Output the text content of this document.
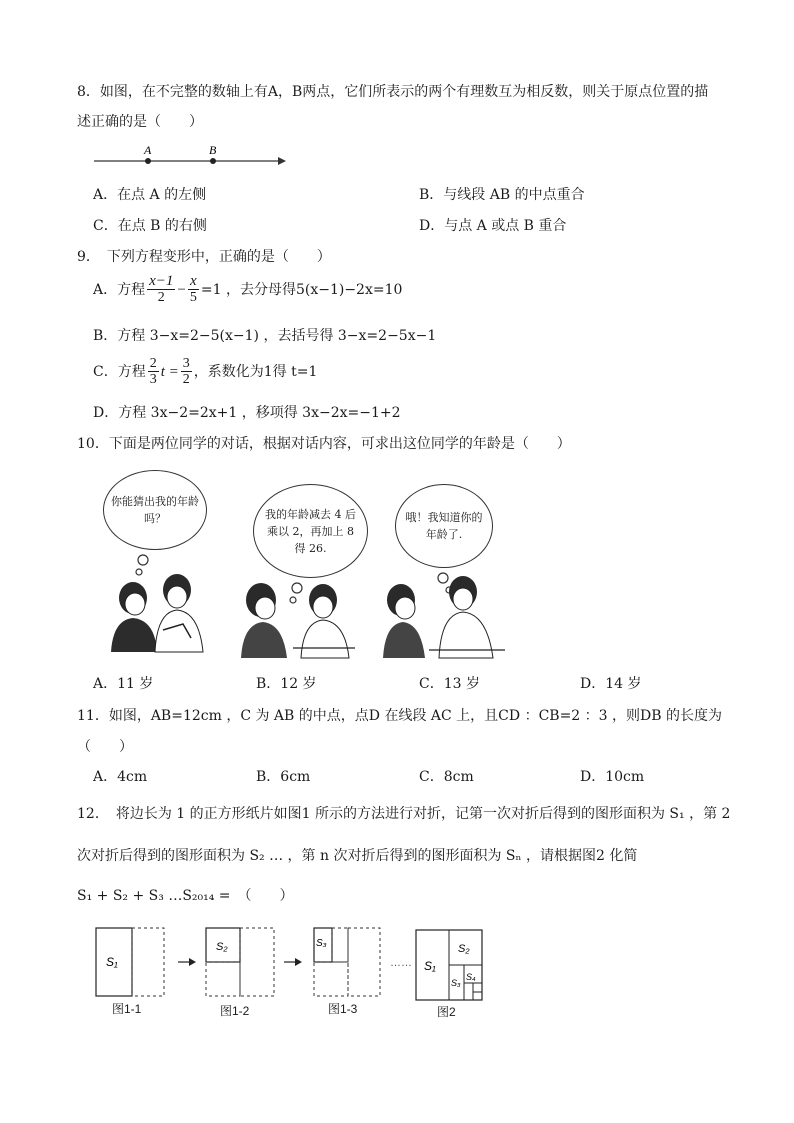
8．如图，在不完整的数轴上有A，B两点，它们所表示的两个有理数互为相反数，则关于原点位置的描
述正确的是（　　）
A	B
A．在点 A 的左侧	B．与线段 AB 的中点重合
C．在点 B 的右侧	D．与点 A 或点 B 重合
9．　下列方程变形中，正确的是（　　）
A．方程 $\frac{x-1}{2} - \frac{x}{5} =1$ ，去分母得5(x−1)−2x=10
B．方程 3−x=2−5(x−1) ，去括号得 3−x=2−5x−1
C．方程 $\frac{2}{3}$ $t = \frac{3}{2}$ ，系数化为1得 t=1
D．方程 3x−2=2x+1 ，移项得 3x−2x=−1+2
10．下面是两位同学的对话，根据对话内容，可求出这位同学的年龄是（　　）
你能猜出我的年龄吗？	我的年龄减去 4 后乘以 2，再加上 8 得 26.
哦！我知道你的年龄了.
A．11 岁	B．12 岁	C．13 岁	D．14 岁
11．如图，AB=12cm ，C 为 AB 的中点，点D 在线段 AC 上，且CD ：CB=2 ：3 ，则DB 的长度为
（　　）
A．4cm	B．6cm	C．8cm	D．10cm
12．　将边长为 1 的正方形纸片如图1 所示的方法进行对折，记第一次对折后得到的图形面积为 S₁ ，第 2
次对折后得到的图形面积为 S₂ … ，第 n 次对折后得到的图形面积为 Sₙ ，请根据图2 化简
S₁ + S₂ + S₃ …S₂₀₁₄ =　（　　）
S₁
S₂	S₃
…… S₁
S₂
S₃
S₄
图1-1	图1-2	图1-3	图2
